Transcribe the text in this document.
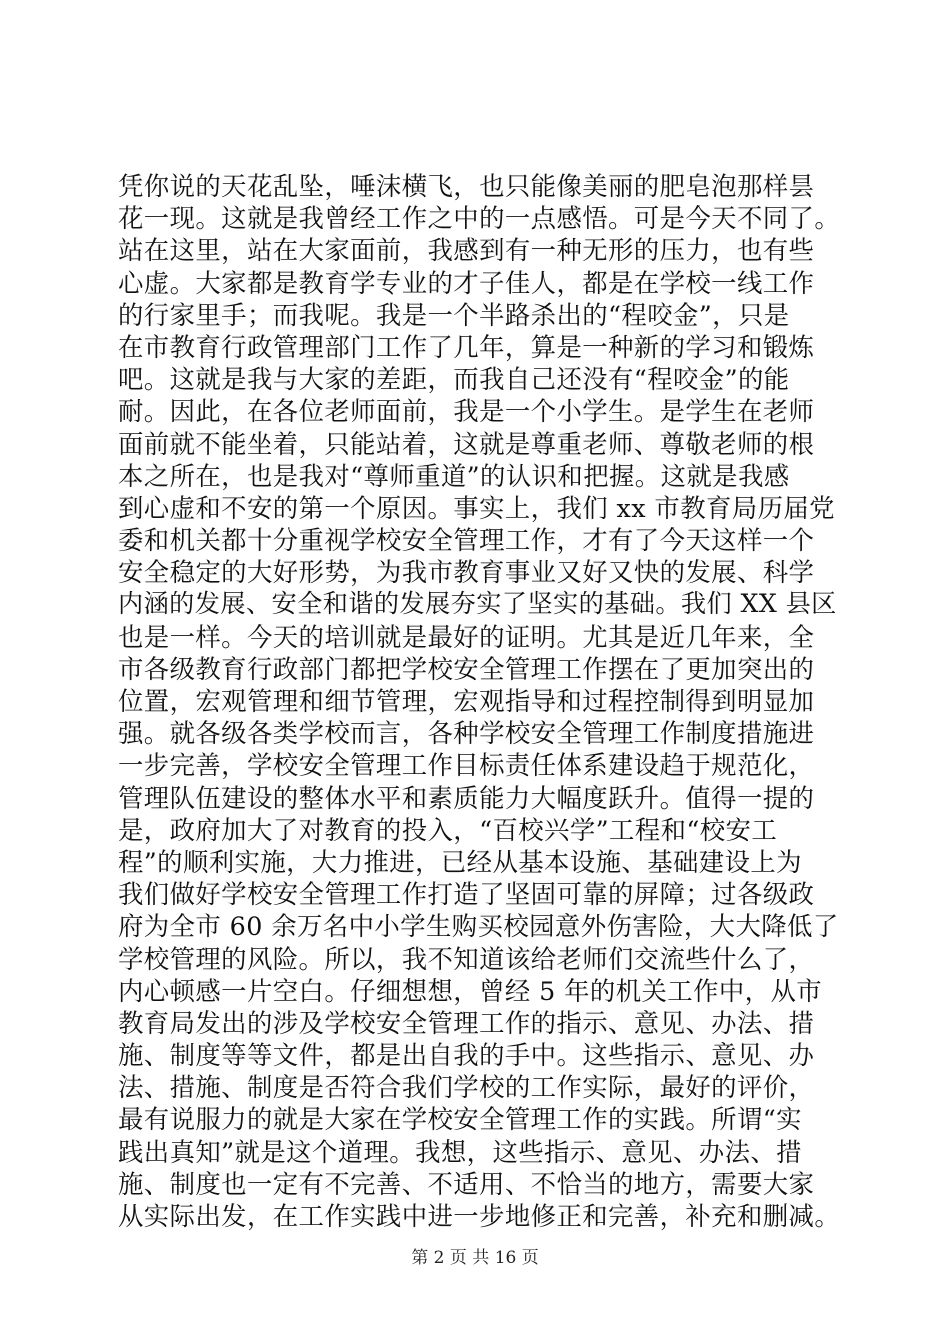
凭你说的天花乱坠，唾沫横飞，也只能像美丽的肥皂泡那样昙
花一现。这就是我曾经工作之中的一点感悟。可是今天不同了。
站在这里，站在大家面前，我感到有一种无形的压力，也有些
心虚。大家都是教育学专业的才子佳人，都是在学校一线工作
的行家里手；而我呢。我是一个半路杀出的“程咬金”，只是
在市教育行政管理部门工作了几年，算是一种新的学习和锻炼
吧。这就是我与大家的差距，而我自己还没有“程咬金”的能
耐。因此，在各位老师面前，我是一个小学生。是学生在老师
面前就不能坐着，只能站着，这就是尊重老师、尊敬老师的根
本之所在，也是我对“尊师重道”的认识和把握。这就是我感
到心虚和不安的第一个原因。事实上，我们 xx 市教育局历届党
委和机关都十分重视学校安全管理工作，才有了今天这样一个
安全稳定的大好形势，为我市教育事业又好又快的发展、科学
内涵的发展、安全和谐的发展夯实了坚实的基础。我们 XX 县区
也是一样。今天的培训就是最好的证明。尤其是近几年来，全
市各级教育行政部门都把学校安全管理工作摆在了更加突出的
位置，宏观管理和细节管理，宏观指导和过程控制得到明显加
强。就各级各类学校而言，各种学校安全管理工作制度措施进
一步完善，学校安全管理工作目标责任体系建设趋于规范化，
管理队伍建设的整体水平和素质能力大幅度跃升。值得一提的
是，政府加大了对教育的投入，“百校兴学”工程和“校安工
程”的顺利实施，大力推进，已经从基本设施、基础建设上为
我们做好学校安全管理工作打造了坚固可靠的屏障；过各级政
府为全市 60 余万名中小学生购买校园意外伤害险，大大降低了
学校管理的风险。所以，我不知道该给老师们交流些什么了，
内心顿感一片空白。仔细想想，曾经 5 年的机关工作中，从市
教育局发出的涉及学校安全管理工作的指示、意见、办法、措
施、制度等等文件，都是出自我的手中。这些指示、意见、办
法、措施、制度是否符合我们学校的工作实际，最好的评价，
最有说服力的就是大家在学校安全管理工作的实践。所谓“实
践出真知”就是这个道理。我想，这些指示、意见、办法、措
施、制度也一定有不完善、不适用、不恰当的地方，需要大家
从实际出发，在工作实践中进一步地修正和完善，补充和删减。
第 2 页 共 16 页
